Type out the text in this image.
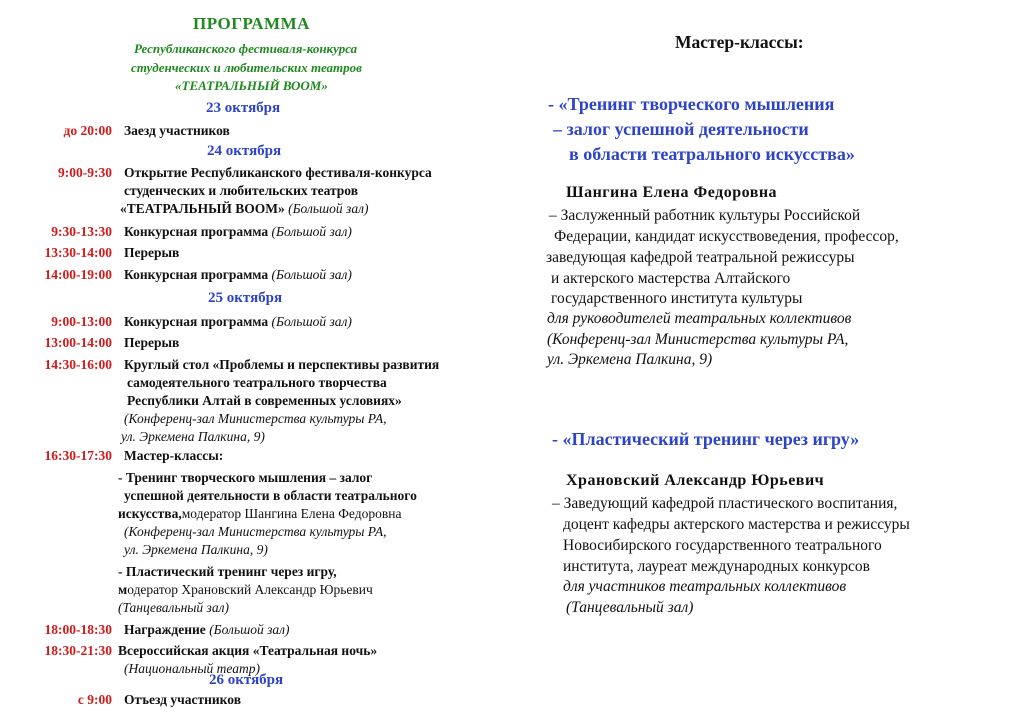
ПРОГРАММА
Республиканского фестиваля-конкурса
студенческих и любительских театров
«ТЕАТРАЛЬНЫЙ ВООМ»
23 октября
до 20:00 Заезд участников
24 октября
9:00-9:30 Открытие Республиканского фестиваля-конкурса
студенческих и любительских театров
«ТЕАТРАЛЬНЫЙ ВООМ» (Большой зал)
9:30-13:30 Конкурсная программа (Большой зал)
13:30-14:00 Перерыв
14:00-19:00 Конкурсная программа (Большой зал)
25 октября
9:00-13:00 Конкурсная программа (Большой зал)
13:00-14:00 Перерыв
14:30-16:00 Круглый стол «Проблемы и перспективы развития
самодеятельного театрального творчества
Республики Алтай в современных условиях»
(Конференц-зал Министерства культуры РА,
ул. Эркемена Палкина, 9)
16:30-17:30 Мастер-классы:
- Тренинг творческого мышления – залог
успешной деятельности в области театрального
искусства,модератор Шангина Елена Федоровна
(Конференц-зал Министерства культуры РА,
ул. Эркемена Палкина, 9)
- Пластический тренинг через игру,
модератор Храновский Александр Юрьевич
(Танцевальный зал)
18:00-18:30 Награждение (Большой зал)
18:30-21:30 Всероссийская акция «Театральная ночь»
(Национальный театр)
26 октября
с 9:00 Отъезд участников
Мастер-классы:
- «Тренинг творческого мышления
– залог успешной деятельности
в области театрального искусства»
Шангина Елена Федоровна
– Заслуженный работник культуры Российской
Федерации, кандидат искусствоведения, профессор,
заведующая кафедрой театральной режиссуры
и актерского мастерства Алтайского
государственного института культуры
для руководителей театральных коллективов
(Конференц-зал Министерства культуры РА,
ул. Эркемена Палкина, 9)
- «Пластический тренинг через игру»
Храновский Александр Юрьевич
– Заведующий кафедрой пластического воспитания,
доцент кафедры актерского мастерства и режиссуры
Новосибирского государственного театрального
института, лауреат международных конкурсов
для участников театральных коллективов
(Танцевальный зал)
